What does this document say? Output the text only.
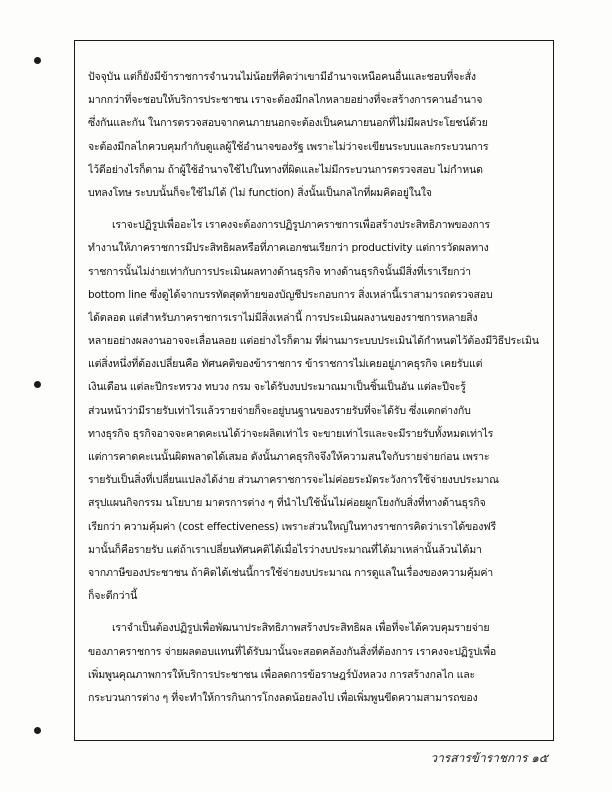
ปัจจุบัน แต่ก็ยังมีข้าราชการจำนวนไม่น้อยที่คิดว่าเขามีอำนาจเหนือคนอื่นและชอบที่จะสั่ง
มากกว่าที่จะชอบให้บริการประชาชน เราจะต้องมีกลไกหลายอย่างที่จะสร้างการคานอำนาจ
ซึ่งกันและกัน ในการตรวจสอบจากคนภายนอกจะต้องเป็นคนภายนอกที่ไม่มีผลประโยชน์ด้วย
จะต้องมีกลไกควบคุมกำกับดูแลผู้ใช้อำนาจของรัฐ เพราะไม่ว่าจะเขียนระบบและกระบวนการ
ไว้ดีอย่างไรก็ตาม ถ้าผู้ใช้อำนาจใช้ไปในทางที่ผิดและไม่มีกระบวนการตรวจสอบ ไม่กำหนด
บทลงโทษ ระบบนั้นก็จะใช้ไม่ได้ (ไม่ function) สิ่งนั้นเป็นกลไกที่ผมคิดอยู่ในใจ
เราจะปฏิรูปเพื่ออะไร เราคงจะต้องการปฏิรูปภาคราชการเพื่อสร้างประสิทธิภาพของการ
ทำงานให้ภาคราชการมีประสิทธิผลหรือที่ภาคเอกชนเรียกว่า productivity แต่การวัดผลทาง
ราชการนั้นไม่ง่ายเท่ากับการประเมินผลทางด้านธุรกิจ ทางด้านธุรกิจนั้นมีสิ่งที่เราเรียกว่า
bottom line ซึ่งดูได้จากบรรทัดสุดท้ายของบัญชีประกอบการ สิ่งเหล่านี้เราสามารถตรวจสอบ
ได้ตลอด แต่สำหรับภาคราชการเราไม่มีสิ่งเหล่านี้ การประเมินผลงานของราชการหลายสิ่ง
หลายอย่างผลงานอาจจะเลื่อนลอย แต่อย่างไรก็ตาม ที่ผ่านมาระบบประเมินได้กำหนดไว้ต้องมีวิธีประเมิน
แต่สิ่งหนึ่งที่ต้องเปลี่ยนคือ ทัศนคติของข้าราชการ ข้าราชการไม่เคยอยู่ภาคธุรกิจ เคยรับแต่
เงินเดือน แต่ละปีกระทรวง ทบวง กรม จะได้รับงบประมาณมาเป็นชิ้นเป็นอัน แต่ละปีจะรู้
ส่วนหน้าว่ามีรายรับเท่าไรแล้วรายจ่ายก็จะอยู่บนฐานของรายรับที่จะได้รับ ซึ่งแตกต่างกับ
ทางธุรกิจ ธุรกิจอาจจะคาดคะเนได้ว่าจะผลิตเท่าไร จะขายเท่าไรและจะมีรายรับทั้งหมดเท่าไร
แต่การคาดคะเนนั้นผิดพลาดได้เสมอ ดังนั้นภาคธุรกิจจึงให้ความสนใจกับรายจ่ายก่อน เพราะ
รายรับเป็นสิ่งที่เปลี่ยนแปลงได้ง่าย ส่วนภาคราชการจะไม่ค่อยระมัดระวังการใช้จ่ายงบประมาณ
สรุปแผนกิจกรรม นโยบาย มาตรการต่าง ๆ ที่นำไปใช้นั้นไม่ค่อยผูกโยงกับสิ่งที่ทางด้านธุรกิจ
เรียกว่า ความคุ้มค่า (cost effectiveness) เพราะส่วนใหญ่ในทางราชการคิดว่าเราได้ของฟรี
มานั้นก็คือรายรับ แต่ถ้าเราเปลี่ยนทัศนคติได้เมื่อไรว่างบประมาณที่ได้มาเหล่านั้นล้วนได้มา
จากภาษีของประชาชน ถ้าคิดได้เช่นนี้การใช้จ่ายงบประมาณ การดูแลในเรื่องของความคุ้มค่า
ก็จะดีกว่านี้
เราจำเป็นต้องปฏิรูปเพื่อพัฒนาประสิทธิภาพสร้างประสิทธิผล เพื่อที่จะได้ควบคุมรายจ่าย
ของภาคราชการ จ่ายผลตอบแทนที่ได้รับมานั้นจะสอดคล้องกันสิ่งที่ต้องการ เราคงจะปฏิรูปเพื่อ
เพิ่มพูนคุณภาพการให้บริการประชาชน เพื่อลดการข้อราษฎร์บังหลวง การสร้างกลไก และ
กระบวนการต่าง ๆ ที่จะทำให้การกินการโกงลดน้อยลงไป เพื่อเพิ่มพูนขีดความสามารถของ
วารสารข้าราชการ ๑๕
